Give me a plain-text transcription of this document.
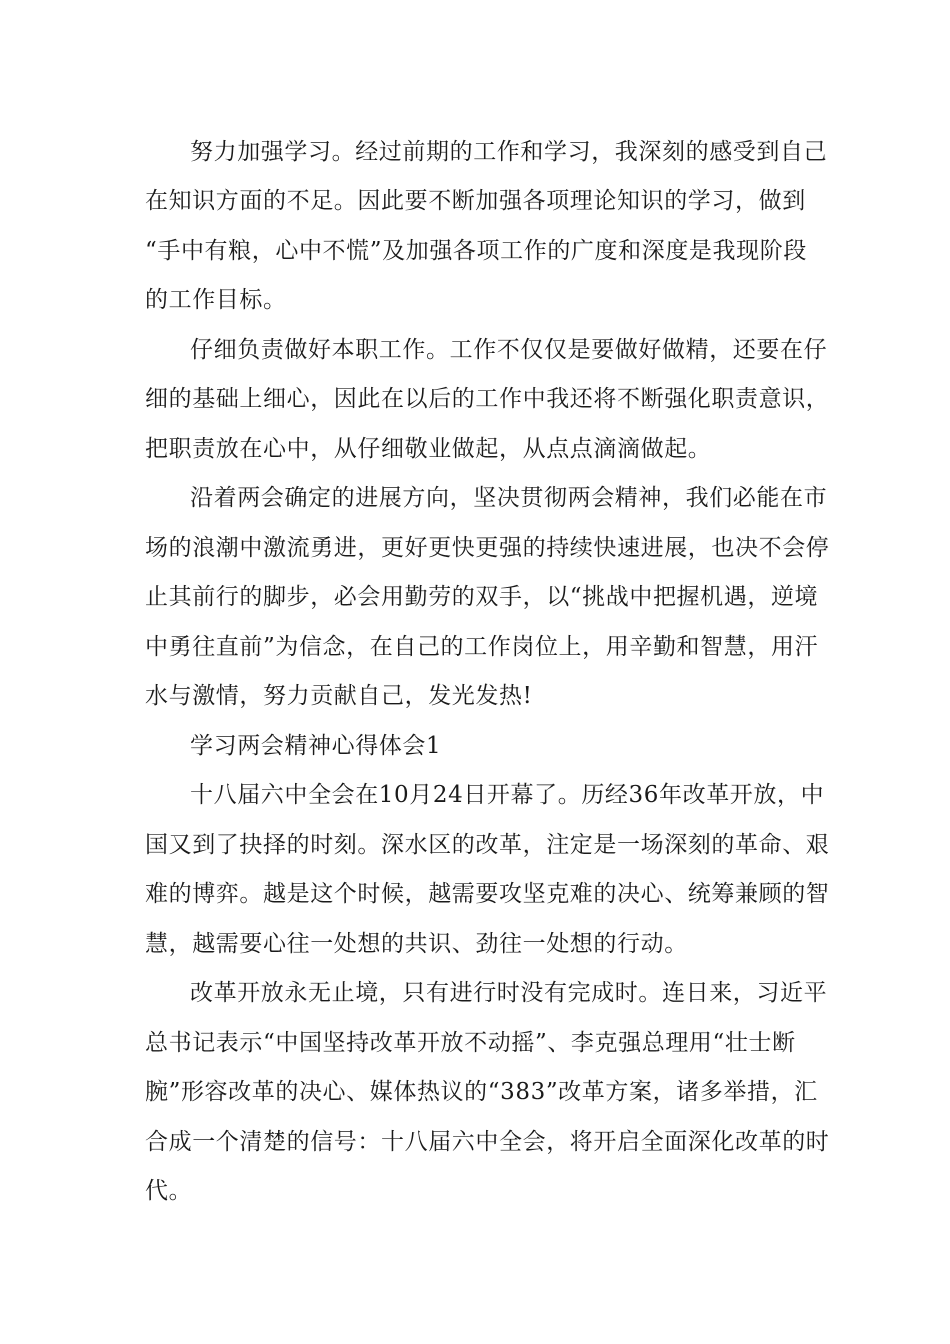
努力加强学习。经过前期的工作和学习，我深刻的感受到自己
在知识方面的不足。因此要不断加强各项理论知识的学习，做到
“手中有粮，心中不慌”及加强各项工作的广度和深度是我现阶段
的工作目标。
仔细负责做好本职工作。工作不仅仅是要做好做精，还要在仔
细的基础上细心，因此在以后的工作中我还将不断强化职责意识，
把职责放在心中，从仔细敬业做起，从点点滴滴做起。
沿着两会确定的进展方向，坚决贯彻两会精神，我们必能在市
场的浪潮中激流勇进，更好更快更强的持续快速进展，也决不会停
止其前行的脚步，必会用勤劳的双手，以“挑战中把握机遇，逆境
中勇往直前”为信念，在自己的工作岗位上，用辛勤和智慧，用汗
水与激情，努力贡献自己，发光发热!
学习两会精神心得体会1
十八届六中全会在10月24日开幕了。历经36年改革开放，中
国又到了抉择的时刻。深水区的改革，注定是一场深刻的革命、艰
难的博弈。越是这个时候，越需要攻坚克难的决心、统筹兼顾的智
慧，越需要心往一处想的共识、劲往一处想的行动。
改革开放永无止境，只有进行时没有完成时。连日来，习近平
总书记表示“中国坚持改革开放不动摇”、李克强总理用“壮士断
腕”形容改革的决心、媒体热议的“383”改革方案，诸多举措，汇
合成一个清楚的信号：十八届六中全会，将开启全面深化改革的时
代。
